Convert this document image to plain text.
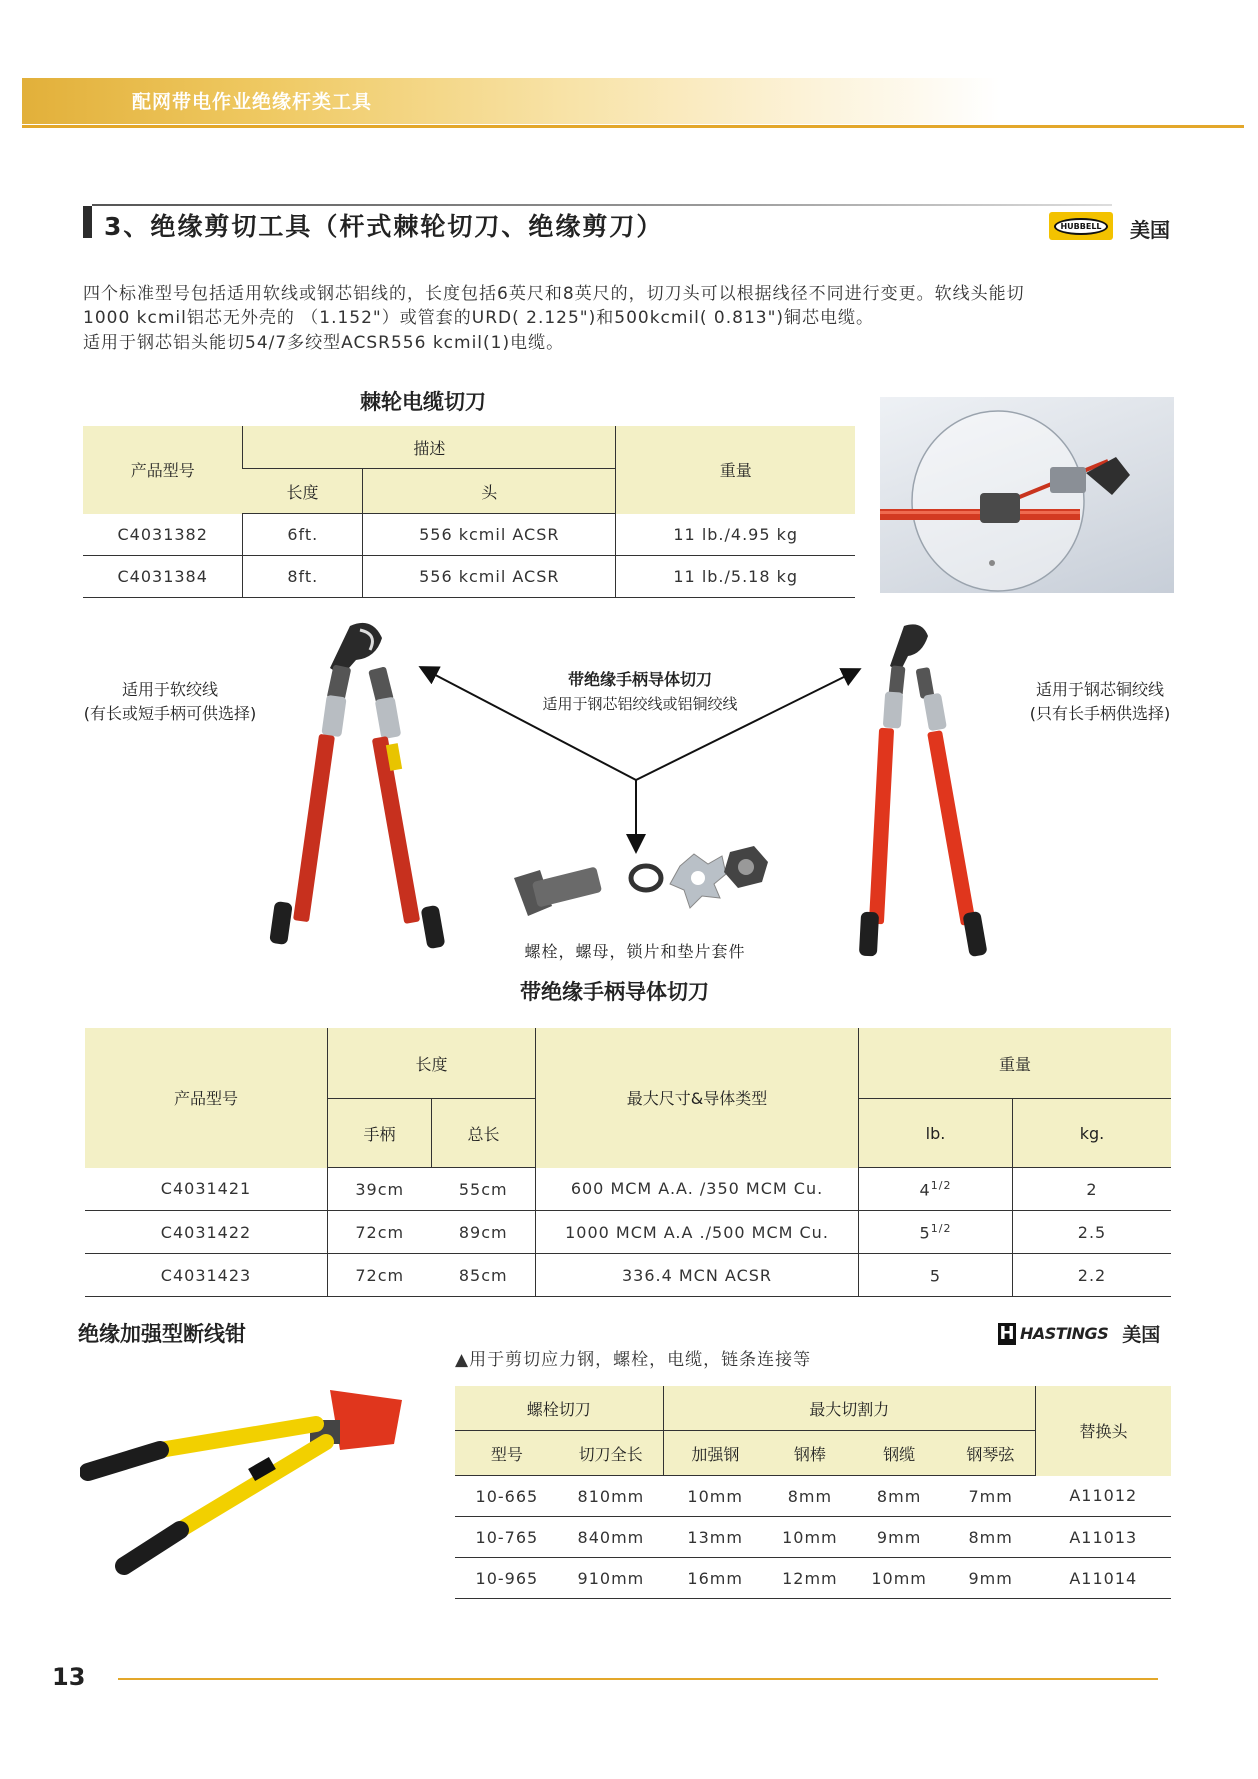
配网带电作业绝缘杆类工具
3、绝缘剪切工具（杆式棘轮切刀、绝缘剪刀）	HUBBELL	美国
四个标准型号包括适用软线或钢芯铝线的，长度包括6英尺和8英尺的，切刀头可以根据线径不同进行变更。软线头能切
1000 kcmil铝芯无外壳的 （1.152"）或管套的URD( 2.125")和500kcmil( 0.813")铜芯电缆。
适用于钢芯铝头能切54/7多绞型ACSR556 kcmil(1)电缆。
棘轮电缆切刀
产品型号	描述		重量
	长度	头	
C4031382	6ft.	556 kcmil ACSR	11 lb./4.95 kg
C4031384	8ft.	556 kcmil ACSR	11 lb./5.18 kg
适用于软绞线
(有长或短手柄可供选择)
带绝缘手柄导体切刀
适用于钢芯铝绞线或铝铜绞线
适用于钢芯铜绞线
(只有长手柄供选择)
螺栓，螺母，锁片和垫片套件
带绝缘手柄导体切刀
产品型号	长度		最大尺寸&导体类型	重量	
	手柄	总长		lb.	kg.
C4031421	39cm	55cm	600 MCM A.A. /350 MCM Cu.	$4^{1/2}$	2
C4031422	72cm	89cm	1000 MCM A.A ./500 MCM Cu.	$5^{1/2}$	2.5
C4031423	72cm	85cm	336.4 MCN ACSR	5	2.2
绝缘加强型断线钳	H HASTINGS 美国
▲用于剪切应力钢，螺栓，电缆，链条连接等
螺栓切刀		最大切割力				替换头
型号	切刀全长	加强钢	钢棒	钢缆	钢琴弦	
10-665	810mm	10mm	8mm	8mm	7mm	A11012
10-765	840mm	13mm	10mm	9mm	8mm	A11013
10-965	910mm	16mm	12mm	10mm	9mm	A11014
13
